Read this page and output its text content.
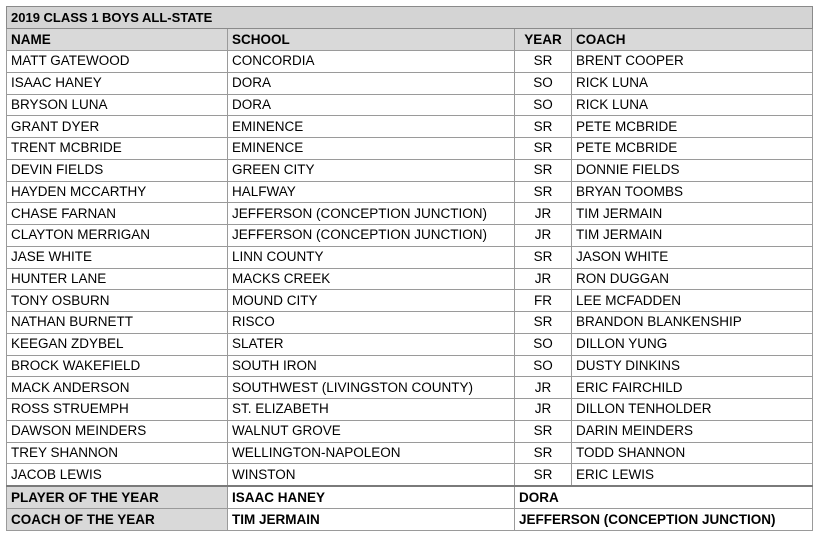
2019 CLASS 1 BOYS ALL-STATE			
NAME	SCHOOL	YEAR	COACH
MATT GATEWOOD	CONCORDIA	SR	BRENT COOPER
ISAAC HANEY	DORA	SO	RICK LUNA
BRYSON LUNA	DORA	SO	RICK LUNA
GRANT DYER	EMINENCE	SR	PETE MCBRIDE
TRENT MCBRIDE	EMINENCE	SR	PETE MCBRIDE
DEVIN FIELDS	GREEN CITY	SR	DONNIE FIELDS
HAYDEN MCCARTHY	HALFWAY	SR	BRYAN TOOMBS
CHASE FARNAN	JEFFERSON (CONCEPTION JUNCTION)	JR	TIM JERMAIN
CLAYTON MERRIGAN	JEFFERSON (CONCEPTION JUNCTION)	JR	TIM JERMAIN
JASE WHITE	LINN COUNTY	SR	JASON WHITE
HUNTER LANE	MACKS CREEK	JR	RON DUGGAN
TONY OSBURN	MOUND CITY	FR	LEE MCFADDEN
NATHAN BURNETT	RISCO	SR	BRANDON BLANKENSHIP
KEEGAN ZDYBEL	SLATER	SO	DILLON YUNG
BROCK WAKEFIELD	SOUTH IRON	SO	DUSTY DINKINS
MACK ANDERSON	SOUTHWEST (LIVINGSTON COUNTY)	JR	ERIC FAIRCHILD
ROSS STRUEMPH	ST. ELIZABETH	JR	DILLON TENHOLDER
DAWSON MEINDERS	WALNUT GROVE	SR	DARIN MEINDERS
TREY SHANNON	WELLINGTON-NAPOLEON	SR	TODD SHANNON
JACOB LEWIS	WINSTON	SR	ERIC LEWIS
PLAYER OF THE YEAR	ISAAC HANEY	DORA	
COACH OF THE YEAR	TIM JERMAIN	JEFFERSON (CONCEPTION JUNCTION)	
